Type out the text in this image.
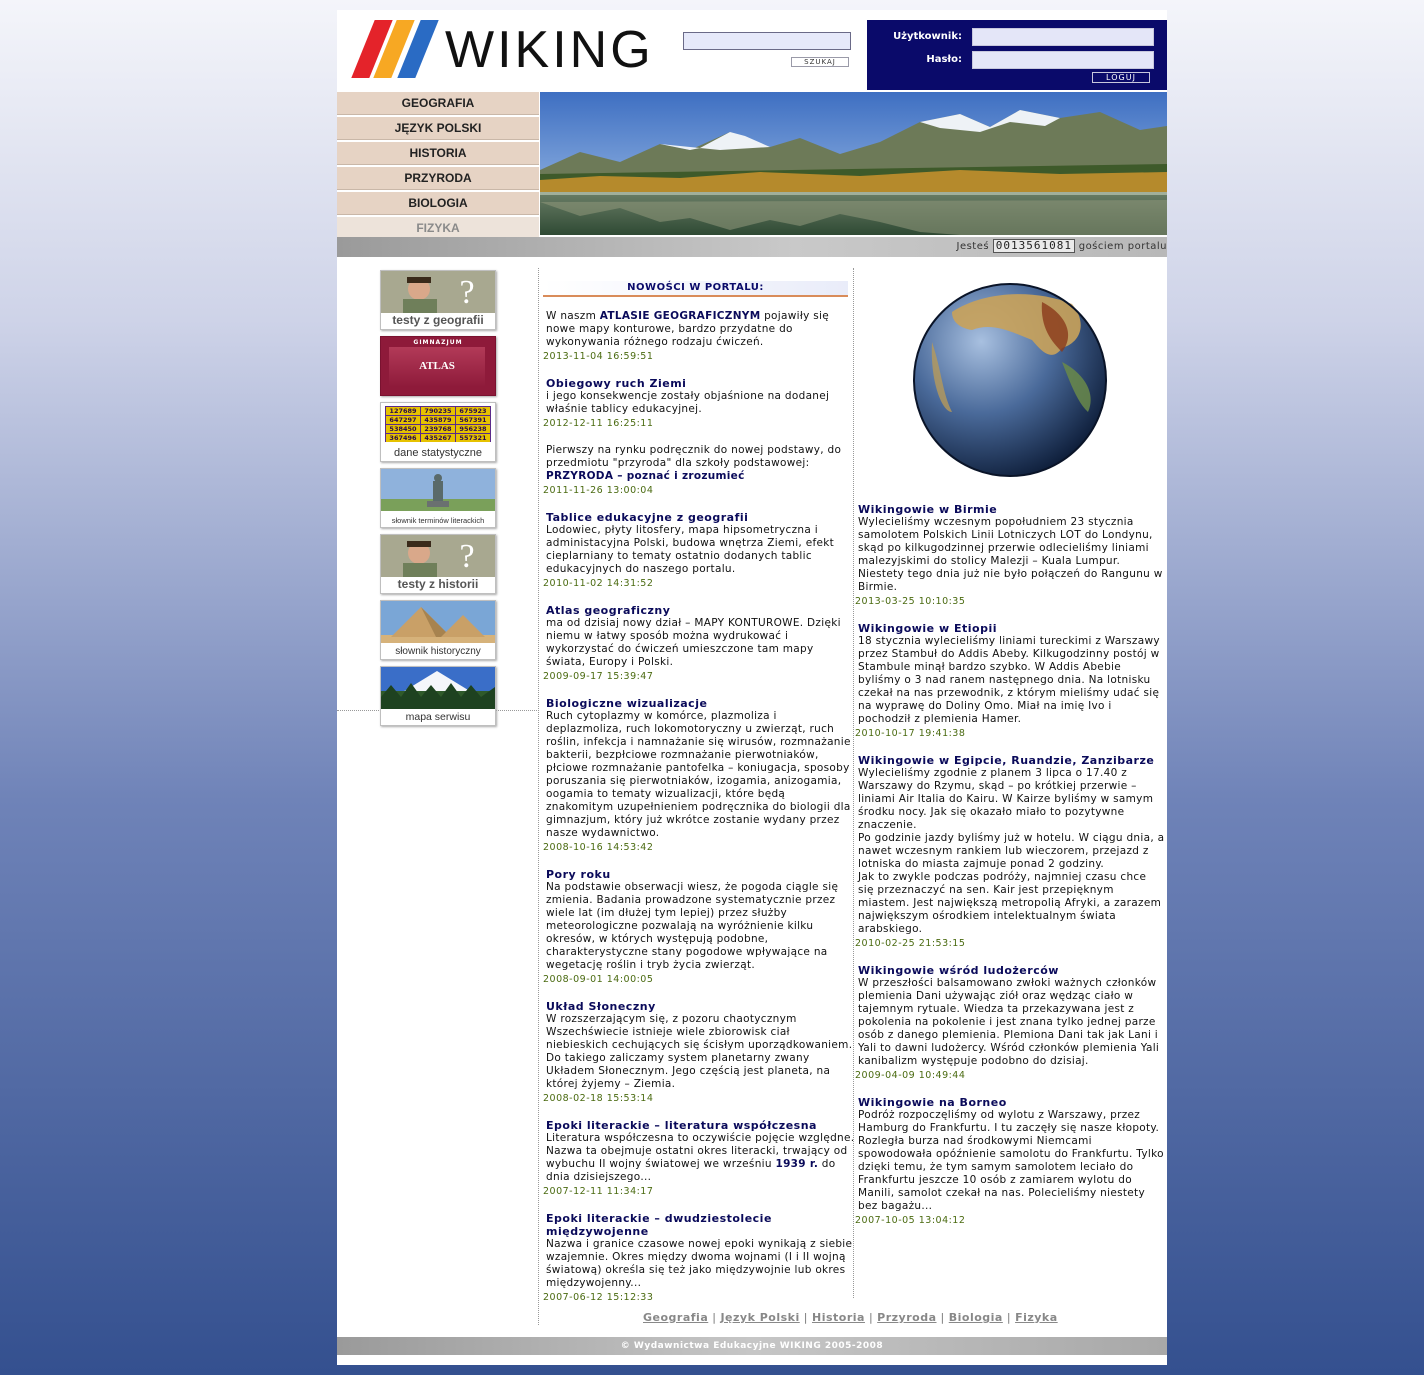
WIKING	SZUKAJ
Użytkownik:
Hasło:
LOGUJ
GEOGRAFIA
JĘZYK POLSKI
HISTORIA
PRZYRODA
BIOLOGIA
FIZYKA
Jesteś 0013561081 gościem portalu
?
testy z geografii
GIMNAZJUM
ATLAS
127689	790235	675923
647297	435879	567391
538450	239768	956238
367496	435267	557321
dane statystyczne
słownik terminów literackich
?
testy z historii
słownik historyczny
mapa serwisu
NOWOŚCI W PORTALU:
W naszm ATLASIE GEOGRAFICZNYM pojawiły się nowe mapy konturowe, bardzo przydatne do wykonywania różnego rodzaju ćwiczeń.
2013-11-04 16:59:51
Obiegowy ruch Ziemi
i jego konsekwencje zostały objaśnione na dodanej właśnie tablicy edukacyjnej.
2012-12-11 16:25:11
Pierwszy na rynku podręcznik do nowej podstawy, do przedmiotu "przyroda" dla szkoły podstawowej: PRZYRODA – poznać i zrozumieć
2011-11-26 13:00:04
Tablice edukacyjne z geografii
Lodowiec, płyty litosfery, mapa hipsometryczna i administacyjna Polski, budowa wnętrza Ziemi, efekt cieplarniany to tematy ostatnio dodanych tablic edukacyjnych do naszego portalu.
2010-11-02 14:31:52
Atlas geograficzny
ma od dzisiaj nowy dział – MAPY KONTUROWE. Dzięki niemu w łatwy sposób można wydrukować i wykorzystać do ćwiczeń umieszczone tam mapy świata, Europy i Polski.
2009-09-17 15:39:47
Biologiczne wizualizacje
Ruch cytoplazmy w komórce, plazmoliza i deplazmoliza, ruch lokomotoryczny u zwierząt, ruch roślin, infekcja i namnażanie się wirusów, rozmnażanie bakterii, bezpłciowe rozmnażanie pierwotniaków, płciowe rozmnażanie pantofelka – koniugacja, sposoby poruszania się pierwotniaków, izogamia, anizogamia, oogamia to tematy wizualizacji, które będą znakomitym uzupełnieniem podręcznika do biologii dla gimnazjum, który już wkrótce zostanie wydany przez nasze wydawnictwo.
2008-10-16 14:53:42
Pory roku
Na podstawie obserwacji wiesz, że pogoda ciągle się zmienia. Badania prowadzone systematycznie przez wiele lat (im dłużej tym lepiej) przez służby meteorologiczne pozwalają na wyróżnienie kilku okresów, w których występują podobne, charakterystyczne stany pogodowe wpływające na wegetację roślin i tryb życia zwierząt.
2008-09-01 14:00:05
Układ Słoneczny
W rozszerzającym się, z pozoru chaotycznym Wszechświecie istnieje wiele zbiorowisk ciał niebieskich cechujących się ścisłym uporządkowaniem. Do takiego zaliczamy system planetarny zwany Układem Słonecznym. Jego częścią jest planeta, na której żyjemy – Ziemia.
2008-02-18 15:53:14
Epoki literackie – literatura współczesna
Literatura współczesna to oczywiście pojęcie względne. Nazwa ta obejmuje ostatni okres literacki, trwający od wybuchu II wojny światowej we wrześniu 1939 r. do dnia dzisiejszego...
2007-12-11 11:34:17
Epoki literackie – dwudziestolecie międzywojenne
Nazwa i granice czasowe nowej epoki wynikają z siebie wzajemnie. Okres między dwoma wojnami (I i II wojną światową) określa się też jako międzywojnie lub okres międzywojenny...
2007-06-12 15:12:33
Wikingowie w Birmie
Wylecieliśmy wczesnym popołudniem 23 stycznia samolotem Polskich Linii Lotniczych LOT do Londynu, skąd po kilkugodzinnej przerwie odlecieliśmy liniami malezyjskimi do stolicy Malezji – Kuala Lumpur. Niestety tego dnia już nie było połączeń do Rangunu w Birmie.
2013-03-25 10:10:35
Wikingowie w Etiopii
18 stycznia wylecieliśmy liniami tureckimi z Warszawy przez Stambuł do Addis Abeby. Kilkugodzinny postój w Stambule minął bardzo szybko. W Addis Abebie byliśmy o 3 nad ranem następnego dnia. Na lotnisku czekał na nas przewodnik, z którym mieliśmy udać się na wyprawę do Doliny Omo. Miał na imię Ivo i pochodził z plemienia Hamer.
2010-10-17 19:41:38
Wikingowie w Egipcie, Ruandzie, Zanzibarze
Wylecieliśmy zgodnie z planem 3 lipca o 17.40 z Warszawy do Rzymu, skąd – po krótkiej przerwie –liniami Air Italia do Kairu. W Kairze byliśmy w samym środku nocy. Jak się okazało miało to pozytywne znaczenie.
Po godzinie jazdy byliśmy już w hotelu. W ciągu dnia, a nawet wczesnym rankiem lub wieczorem, przejazd z lotniska do miasta zajmuje ponad 2 godziny.
Jak to zwykle podczas podróży, najmniej czasu chce się przeznaczyć na sen. Kair jest przepięknym miastem. Jest największą metropolią Afryki, a zarazem największym ośrodkiem intelektualnym świata arabskiego.
2010-02-25 21:53:15
Wikingowie wśród ludożerców
W przeszłości balsamowano zwłoki ważnych członków plemienia Dani używając ziół oraz wędząc ciało w tajemnym rytuale. Wiedza ta przekazywana jest z pokolenia na pokolenie i jest znana tylko jednej parze osób z danego plemienia. Plemiona Dani tak jak Lani i Yali to dawni ludożercy. Wśród członków plemienia Yali kanibalizm występuje podobno do dzisiaj.
2009-04-09 10:49:44
Wikingowie na Borneo
Podróż rozpoczęliśmy od wylotu z Warszawy, przez Hamburg do Frankfurtu. I tu zaczęły się nasze kłopoty. Rozległa burza nad środkowymi Niemcami spowodowała opóźnienie samolotu do Frankfurtu. Tylko dzięki temu, że tym samym samolotem leciało do Frankfurtu jeszcze 10 osób z zamiarem wylotu do Manili, samolot czekał na nas. Polecieliśmy niestety bez bagażu...
2007-10-05 13:04:12
Geografia | Język Polski | Historia | Przyroda | Biologia | Fizyka
© Wydawnictwa Edukacyjne WIKING 2005-2008
